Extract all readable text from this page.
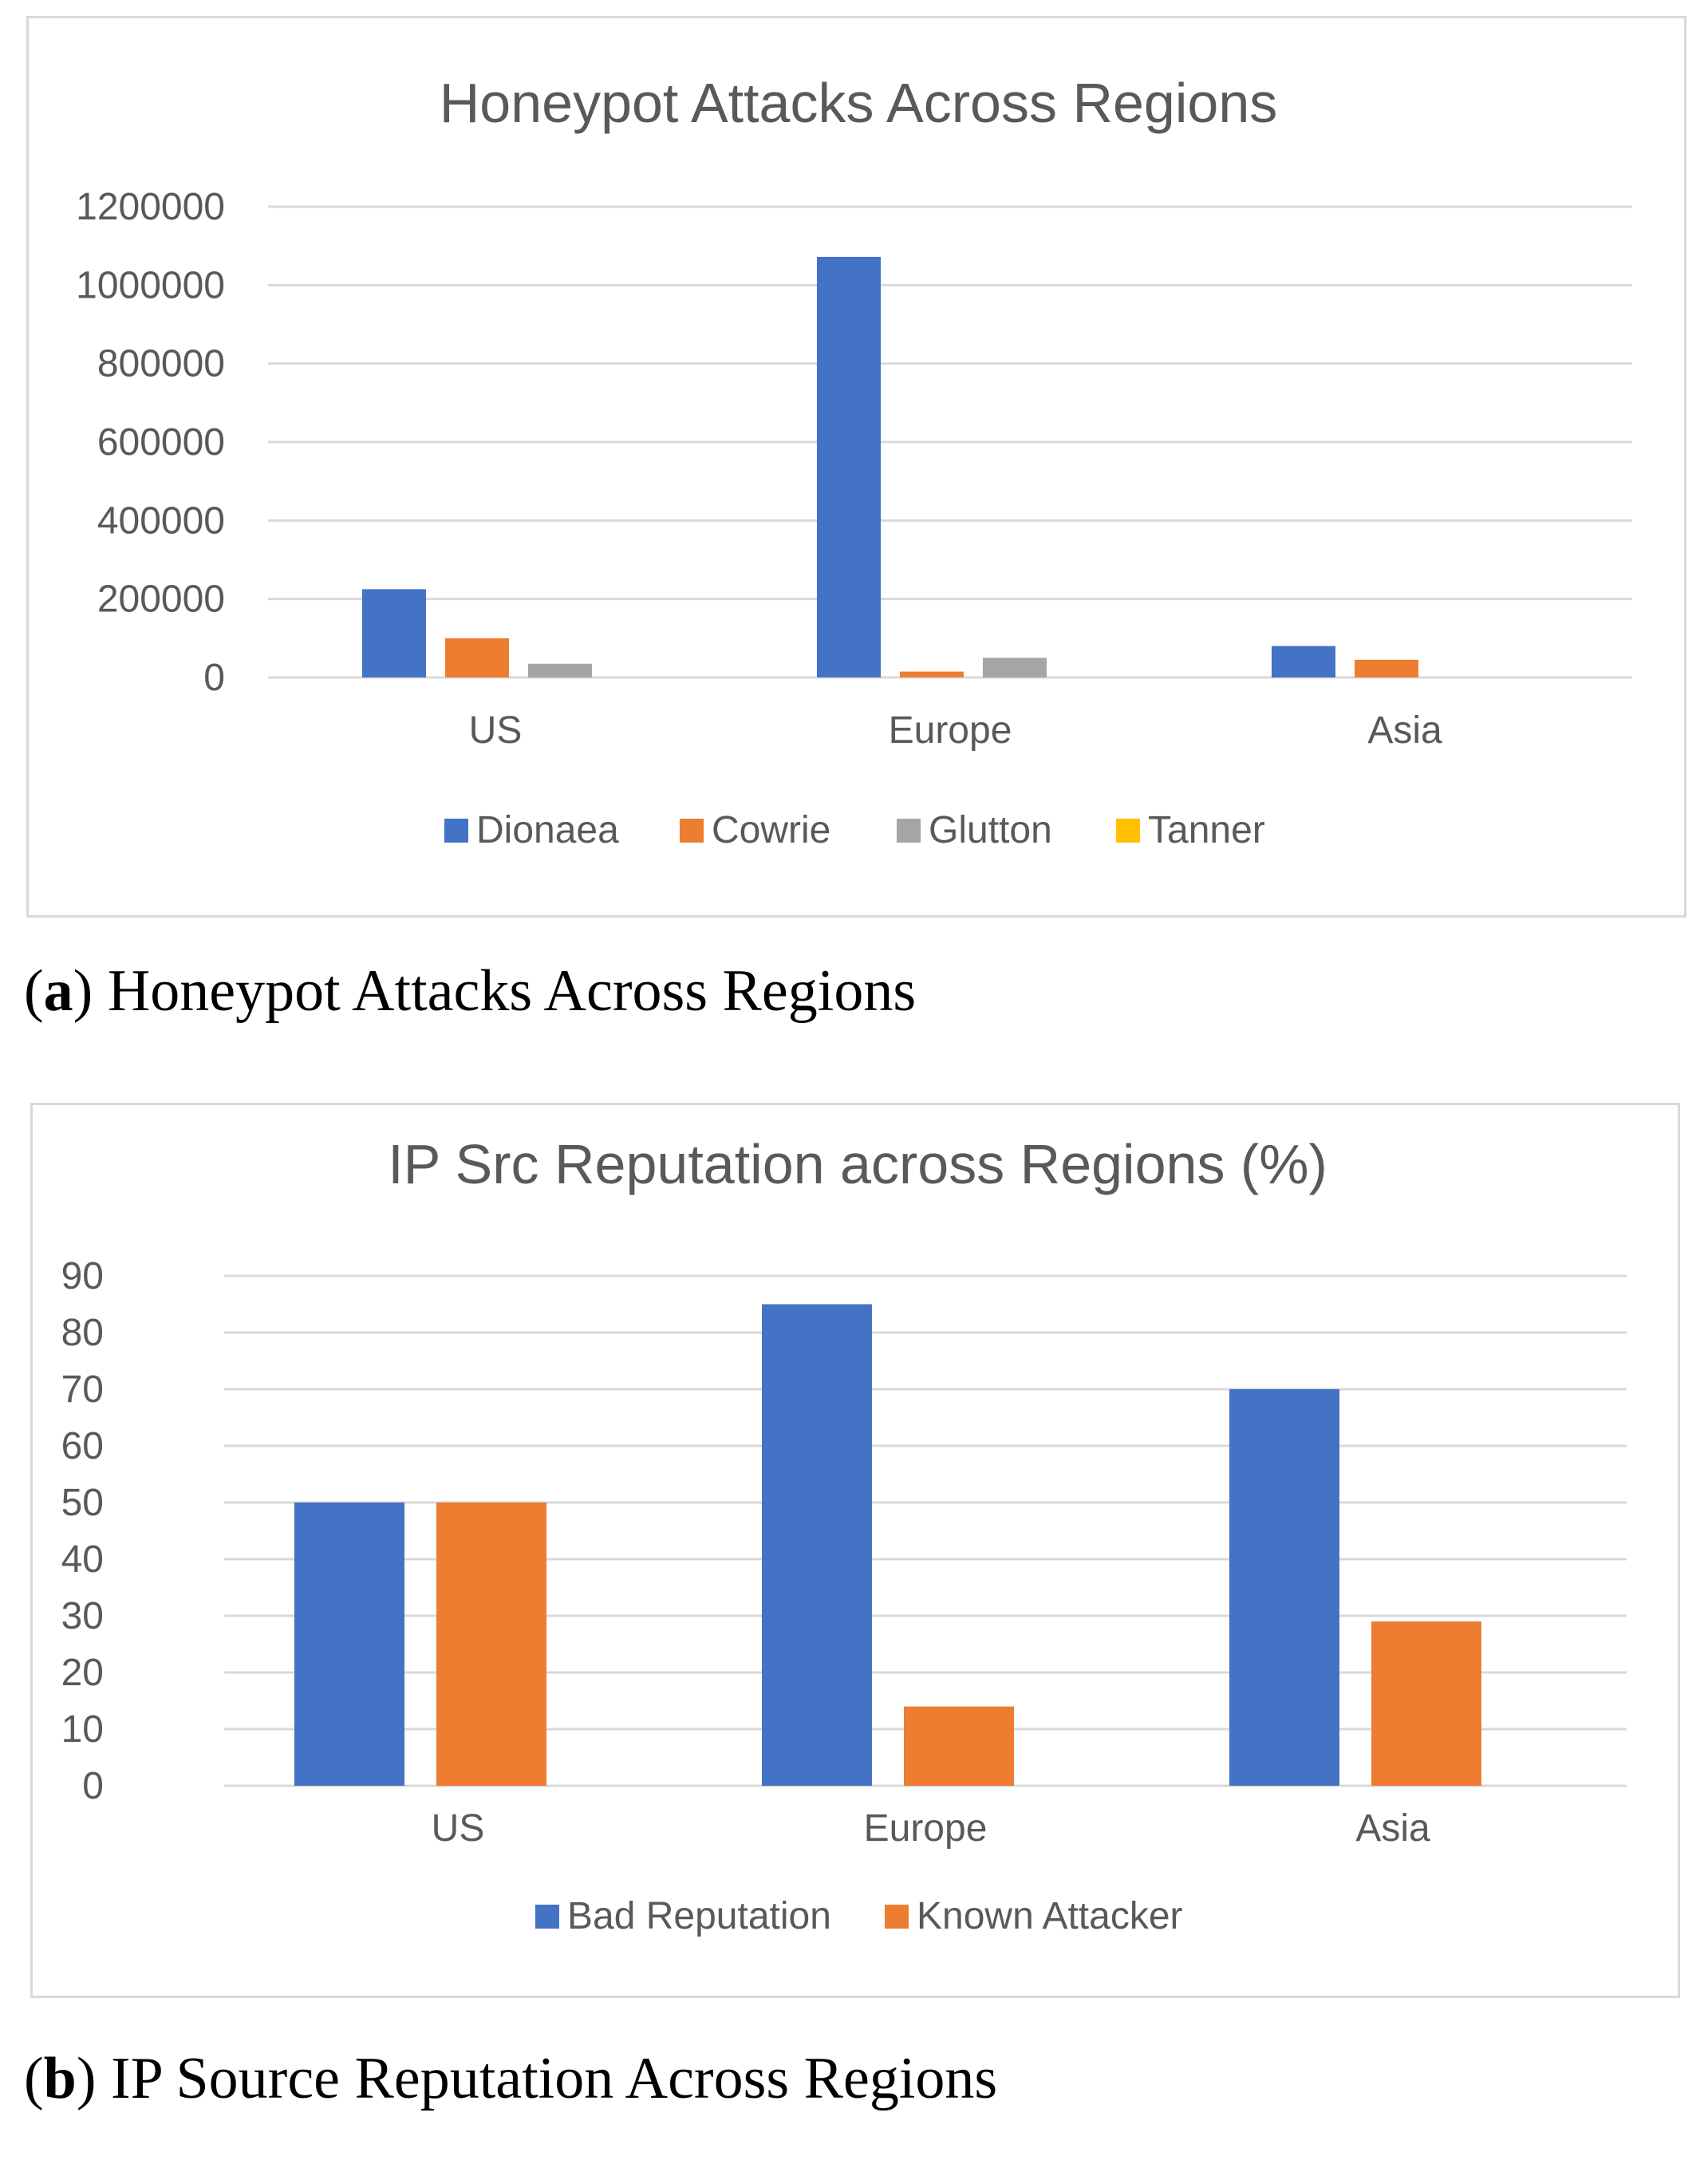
Honeypot Attacks Across Regions
0
200000
400000
600000
800000
1000000
1200000
US	Europe	Asia
Dionaea Cowrie	Glutton	Tanner
(a) Honeypot Attacks Across Regions
IP Src Reputation across Regions (%)
0
10
20
30
40
50
60
70
80
90
US	Europe	Asia
Bad Reputation Known Attacker
(b) IP Source Reputation Across Regions
